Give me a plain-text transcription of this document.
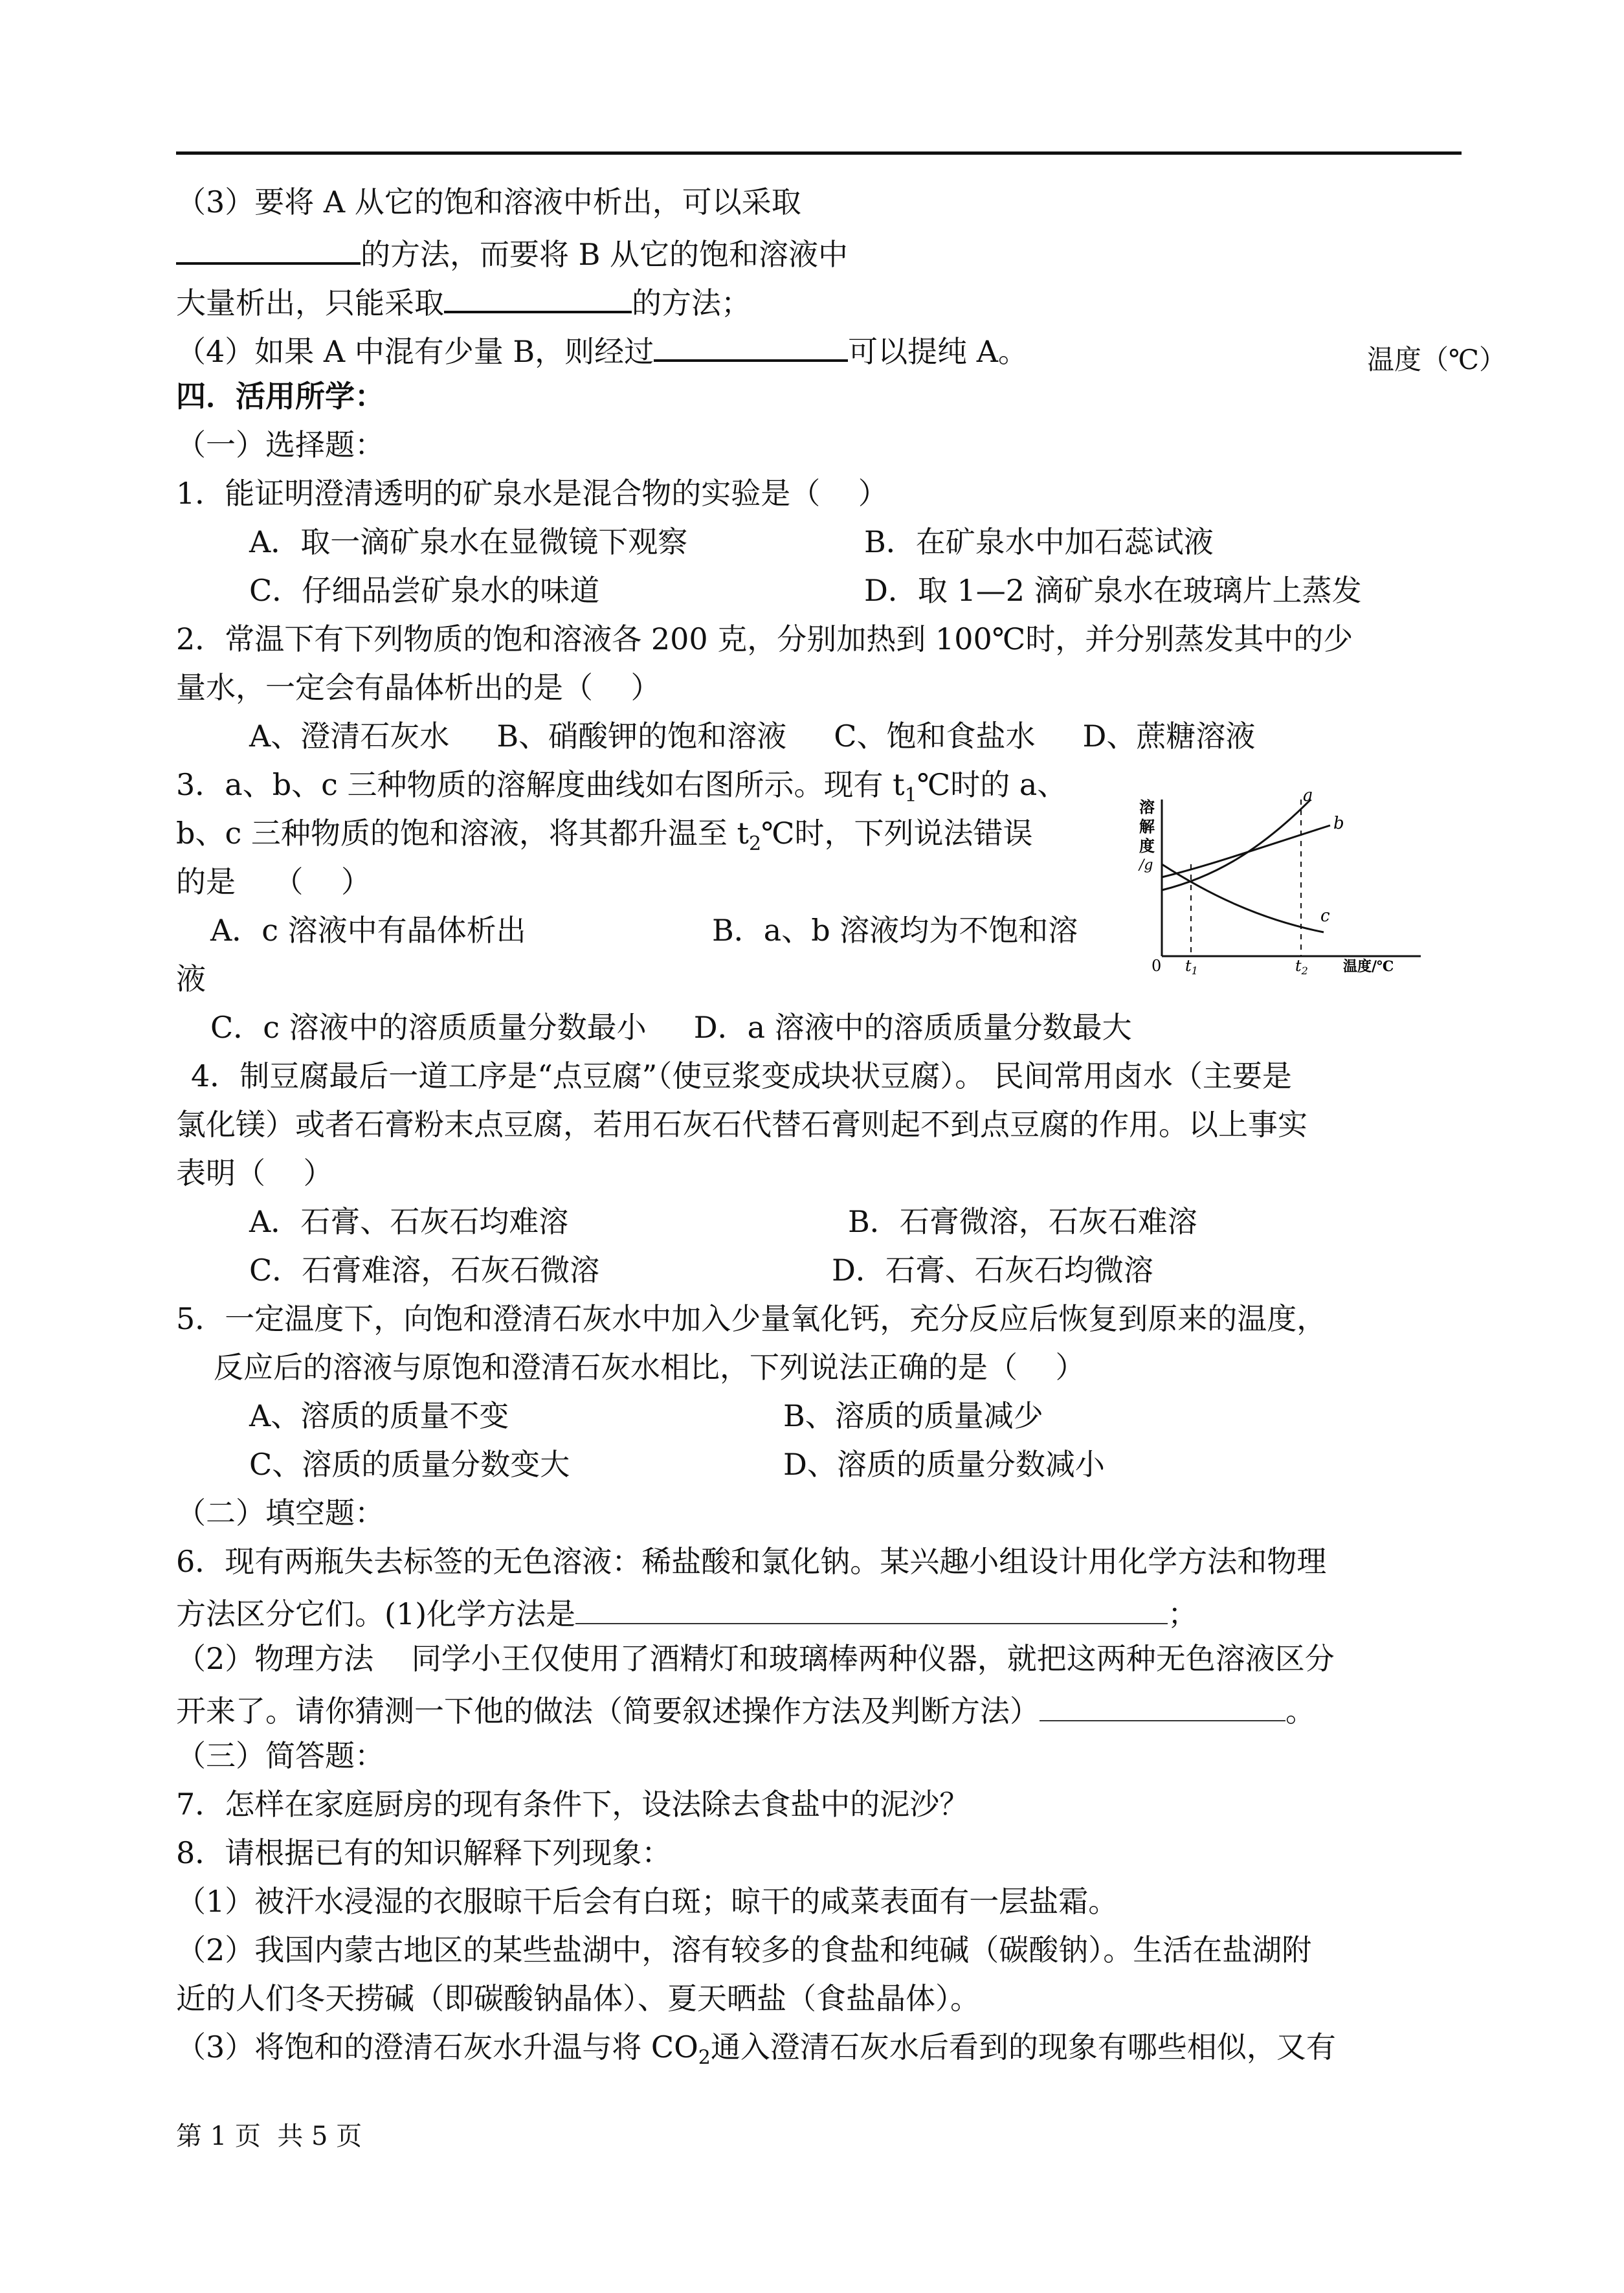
（3）要将 A 从它的饱和溶液中析出，可以采取
的方法，而要将 B 从它的饱和溶液中
大量析出，只能采取	的方法；
（4）如果 A 中混有少量 B，则经过	可以提纯 A。	温度（℃）
四．活用所学：
（一）选择题：
1．能证明澄清透明的矿泉水是混合物的实验是（    ）
A．取一滴矿泉水在显微镜下观察	B．在矿泉水中加石蕊试液
C．仔细品尝矿泉水的味道	D．取 1—2 滴矿泉水在玻璃片上蒸发
2．常温下有下列物质的饱和溶液各 200 克，分别加热到 100℃时，并分别蒸发其中的少
量水，一定会有晶体析出的是（    ）
A、澄清石灰水     B、硝酸钾的饱和溶液     C、饱和食盐水     D、蔗糖溶液
3．a、b、c 三种物质的溶解度曲线如右图所示。现有 $t_1℃$时的 a、
b、c 三种物质的饱和溶液，将其都升温至 $t_2℃$时，下列说法错误
的是    （    ）
A．c 溶液中有晶体析出	B．a、b 溶液均为不饱和溶
液
C．c 溶液中的溶质质量分数最小     D．a 溶液中的溶质质量分数最大
溶
解
度
/g
0 $t_1$	$t_2$ 温度/℃
a
b
c
4．制豆腐最后一道工序是“点豆腐”（使豆浆变成块状豆腐）。 民间常用卤水（主要是
氯化镁）或者石膏粉末点豆腐，若用石灰石代替石膏则起不到点豆腐的作用。以上事实
表明（    ）
A．石膏、石灰石均难溶	B．石膏微溶，石灰石难溶
C．石膏难溶，石灰石微溶	D．石膏、石灰石均微溶
5．一定温度下，向饱和澄清石灰水中加入少量氧化钙，充分反应后恢复到原来的温度，
反应后的溶液与原饱和澄清石灰水相比，下列说法正确的是（    ）
A、溶质的质量不变	B、溶质的质量减少
C、溶质的质量分数变大	D、溶质的质量分数减小
（二）填空题：
6．现有两瓶失去标签的无色溶液：稀盐酸和氯化钠。某兴趣小组设计用化学方法和物理
方法区分它们。(1)化学方法是	；
（2）物理方法    同学小王仅使用了酒精灯和玻璃棒两种仪器，就把这两种无色溶液区分
开来了。请你猜测一下他的做法（简要叙述操作方法及判断方法）	。
（三）简答题：
7．怎样在家庭厨房的现有条件下，设法除去食盐中的泥沙？
8．请根据已有的知识解释下列现象：
（1）被汗水浸湿的衣服晾干后会有白斑；晾干的咸菜表面有一层盐霜。
（2）我国内蒙古地区的某些盐湖中，溶有较多的食盐和纯碱（碳酸钠）。生活在盐湖附
近的人们冬天捞碱（即碳酸钠晶体）、夏天晒盐（食盐晶体）。
（3）将饱和的澄清石灰水升温与将 $CO_2$通入澄清石灰水后看到的现象有哪些相似，又有
第 1 页  共 5 页
